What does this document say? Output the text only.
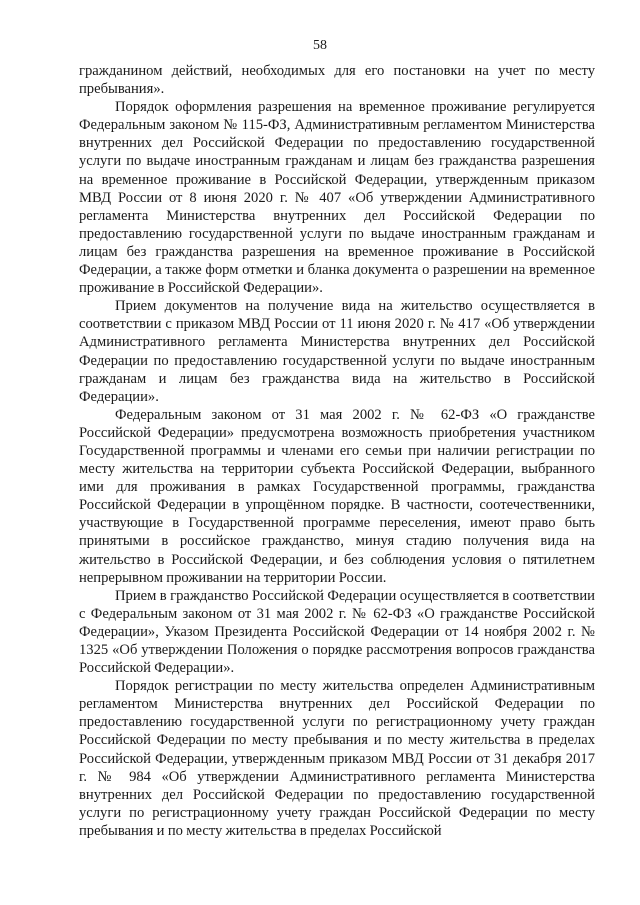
58

гражданином действий, необходимых для его постановки на учет по месту пребывания».

Порядок оформления разрешения на временное проживание регулируется Федеральным законом № 115-ФЗ, Административным регламентом Министерства внутренних дел Российской Федерации по предоставлению государственной услуги по выдаче иностранным гражданам и лицам без гражданства разрешения на временное проживание в Российской Федерации, утвержденным приказом МВД России от 8 июня 2020 г. № 407 «Об утверждении Административного регламента Министерства внутренних дел Российской Федерации по предоставлению государственной услуги по выдаче иностранным гражданам и лицам без гражданства разрешения на временное проживание в Российской Федерации, а также форм отметки и бланка документа о разрешении на временное проживание в Российской Федерации».

Прием документов на получение вида на жительство осуществляется в соответствии с приказом МВД России от 11 июня 2020 г. № 417 «Об утверждении Административного регламента Министерства внутренних дел Российской Федерации по предоставлению государственной услуги по выдаче иностранным гражданам и лицам без гражданства вида на жительство в Российской Федерации».

Федеральным законом от 31 мая 2002 г. № 62-ФЗ «О гражданстве Российской Федерации» предусмотрена возможность приобретения участником Государственной программы и членами его семьи при наличии регистрации по месту жительства на территории субъекта Российской Федерации, выбранного ими для проживания в рамках Государственной программы, гражданства Российской Федерации в упрощённом порядке. В частности, соотечественники, участвующие в Государственной программе переселения, имеют право быть принятыми в российское гражданство, минуя стадию получения вида на жительство в Российской Федерации, и без соблюдения условия о пятилетнем непрерывном проживании на территории России.

Прием в гражданство Российской Федерации осуществляется в соответствии с Федеральным законом от 31 мая 2002 г. № 62-ФЗ «О гражданстве Российской Федерации», Указом Президента Российской Федерации от 14 ноября 2002 г. № 1325 «Об утверждении Положения о порядке рассмотрения вопросов гражданства Российской Федерации».

Порядок регистрации по месту жительства определен Административным регламентом Министерства внутренних дел Российской Федерации по предоставлению государственной услуги по регистрационному учету граждан Российской Федерации по месту пребывания и по месту жительства в пределах Российской Федерации, утвержденным приказом МВД России от 31 декабря 2017 г. № 984 «Об утверждении Административного регламента Министерства внутренних дел Российской Федерации по предоставлению государственной услуги по регистрационному учету граждан Российской Федерации по месту пребывания и по месту жительства в пределах Российской
